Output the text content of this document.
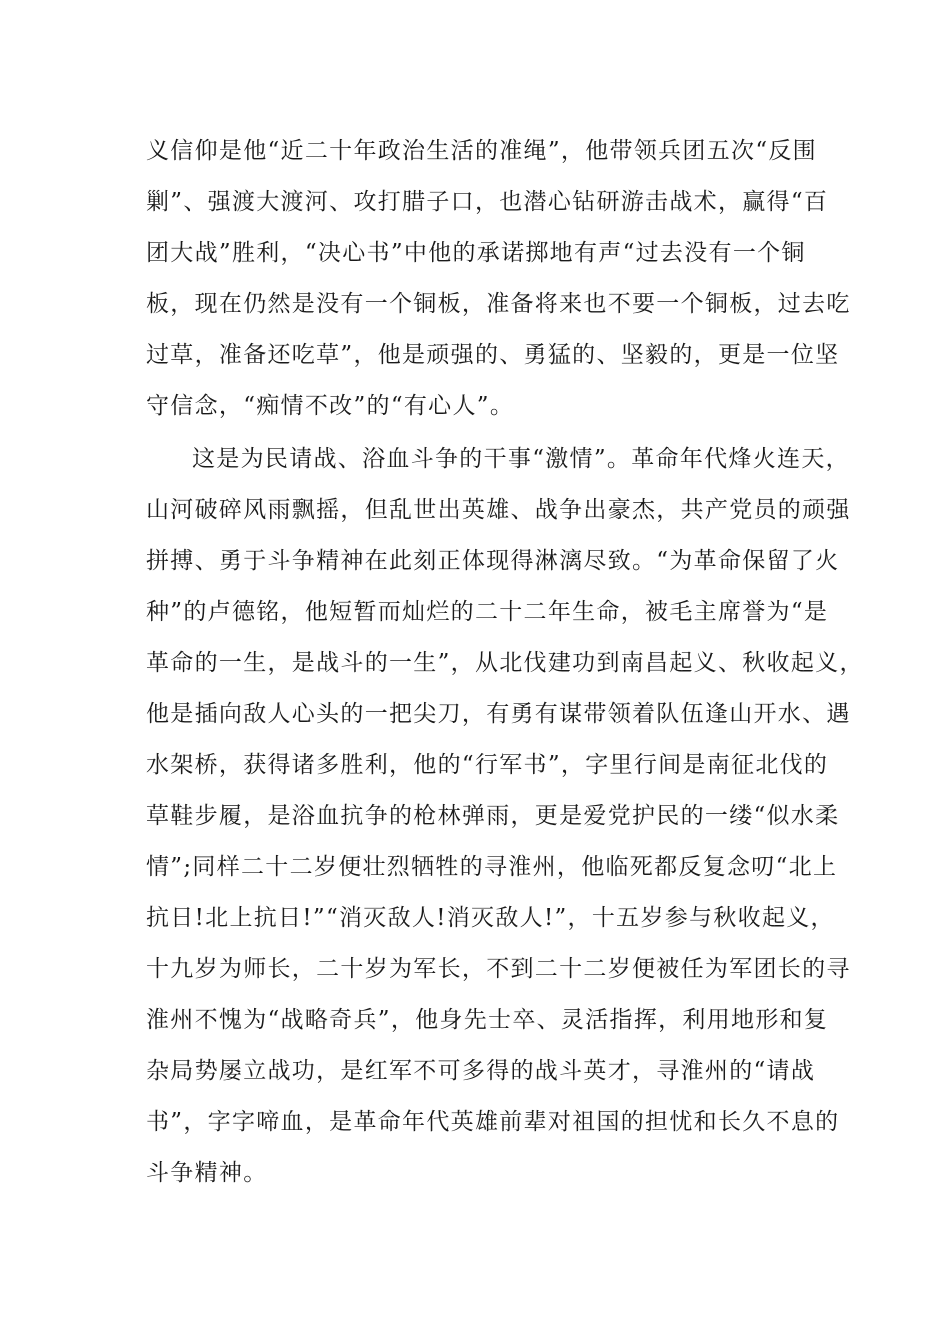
义信仰是他“近二十年政治生活的准绳”，他带领兵团五次“反围
剿”、强渡大渡河、攻打腊子口，也潜心钻研游击战术，赢得“百
团大战”胜利，“决心书”中他的承诺掷地有声“过去没有一个铜
板，现在仍然是没有一个铜板，准备将来也不要一个铜板，过去吃
过草，准备还吃草”，他是顽强的、勇猛的、坚毅的，更是一位坚
守信念，“痴情不改”的“有心人”。
这是为民请战、浴血斗争的干事“激情”。革命年代烽火连天，
山河破碎风雨飘摇，但乱世出英雄、战争出豪杰，共产党员的顽强
拼搏、勇于斗争精神在此刻正体现得淋漓尽致。“为革命保留了火
种”的卢德铭，他短暂而灿烂的二十二年生命，被毛主席誉为“是
革命的一生，是战斗的一生”，从北伐建功到南昌起义、秋收起义，
他是插向敌人心头的一把尖刀，有勇有谋带领着队伍逢山开水、遇
水架桥，获得诸多胜利，他的“行军书”，字里行间是南征北伐的
草鞋步履，是浴血抗争的枪林弹雨，更是爱党护民的一缕“似水柔
情”;同样二十二岁便壮烈牺牲的寻淮州，他临死都反复念叨“北上
抗日!北上抗日!”“消灭敌人!消灭敌人!”，十五岁参与秋收起义，
十九岁为师长，二十岁为军长，不到二十二岁便被任为军团长的寻
淮州不愧为“战略奇兵”，他身先士卒、灵活指挥，利用地形和复
杂局势屡立战功，是红军不可多得的战斗英才，寻淮州的“请战
书”，字字啼血，是革命年代英雄前辈对祖国的担忧和长久不息的
斗争精神。
